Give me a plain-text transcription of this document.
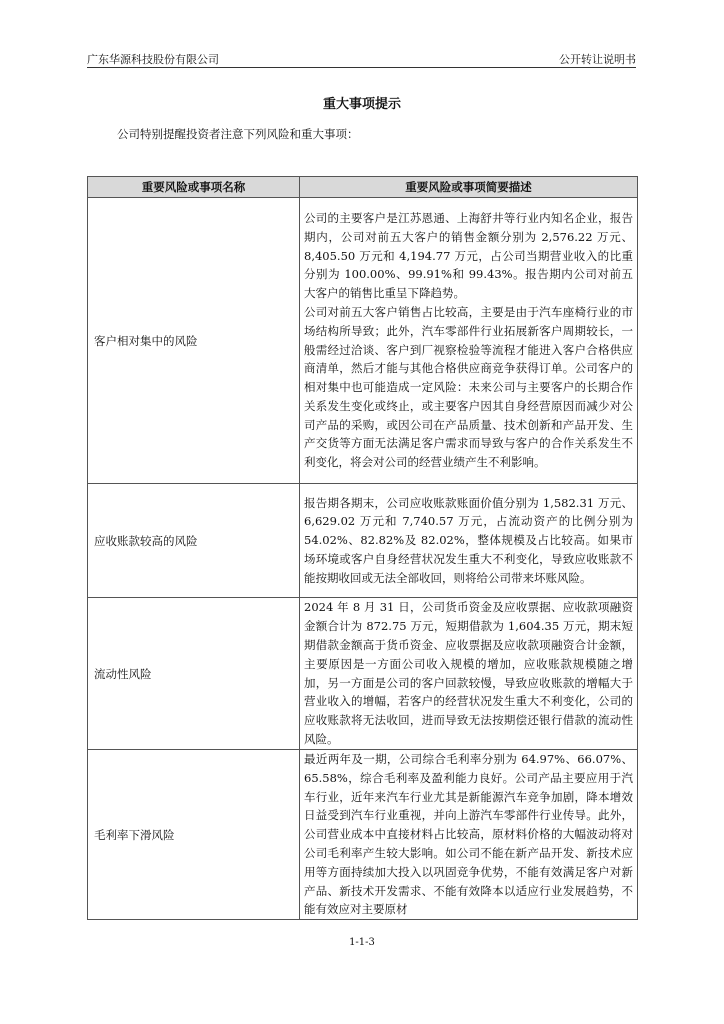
广东华源科技股份有限公司	公开转让说明书
重大事项提示
公司特别提醒投资者注意下列风险和重大事项：
重要风险或事项名称	重要风险或事项简要描述
客户相对集中的风险	公司的主要客户是江苏恩通、上海舒井等行业内知名企业，报告期内，公司对前五大客户的销售金额分别为 2,576.22 万元、8,405.50 万元和 4,194.77 万元，占公司当期营业收入的比重分别为 100.00%、99.91%和 99.43%。报告期内公司对前五大客户的销售比重呈下降趋势。

公司对前五大客户销售占比较高，主要是由于汽车座椅行业的市场结构所导致；此外，汽车零部件行业拓展新客户周期较长，一般需经过洽谈、客户到厂视察检验等流程才能进入客户合格供应商清单，然后才能与其他合格供应商竞争获得订单。公司客户的相对集中也可能造成一定风险：未来公司与主要客户的长期合作关系发生变化或终止，或主要客户因其自身经营原因而减少对公司产品的采购，或因公司在产品质量、技术创新和产品开发、生产交货等方面无法满足客户需求而导致与客户的合作关系发生不利变化，将会对公司的经营业绩产生不利影响。

应收账款较高的风险	报告期各期末，公司应收账款账面价值分别为 1,582.31 万元、6,629.02 万元和 7,740.57 万元，占流动资产的比例分别为 54.02%、82.82%及 82.02%，整体规模及占比较高。如果市场环境或客户自身经营状况发生重大不利变化，导致应收账款不能按期收回或无法全部收回，则将给公司带来坏账风险。

流动性风险	2024 年 8 月 31 日，公司货币资金及应收票据、应收款项融资金额合计为 872.75 万元，短期借款为 1,604.35 万元，期末短期借款金额高于货币资金、应收票据及应收款项融资合计金额，主要原因是一方面公司收入规模的增加，应收账款规模随之增加，另一方面是公司的客户回款较慢，导致应收账款的增幅大于营业收入的增幅，若客户的经营状况发生重大不利变化，公司的应收账款将无法收回，进而导致无法按期偿还银行借款的流动性风险。

毛利率下滑风险	最近两年及一期，公司综合毛利率分别为 64.97%、66.07%、65.58%，综合毛利率及盈利能力良好。公司产品主要应用于汽车行业，近年来汽车行业尤其是新能源汽车竞争加剧，降本增效日益受到汽车行业重视，并向上游汽车零部件行业传导。此外，公司营业成本中直接材料占比较高，原材料价格的大幅波动将对公司毛利率产生较大影响。如公司不能在新产品开发、新技术应用等方面持续加大投入以巩固竞争优势，不能有效满足客户对新产品、新技术开发需求、不能有效降本以适应行业发展趋势，不能有效应对主要原材

1-1-3
